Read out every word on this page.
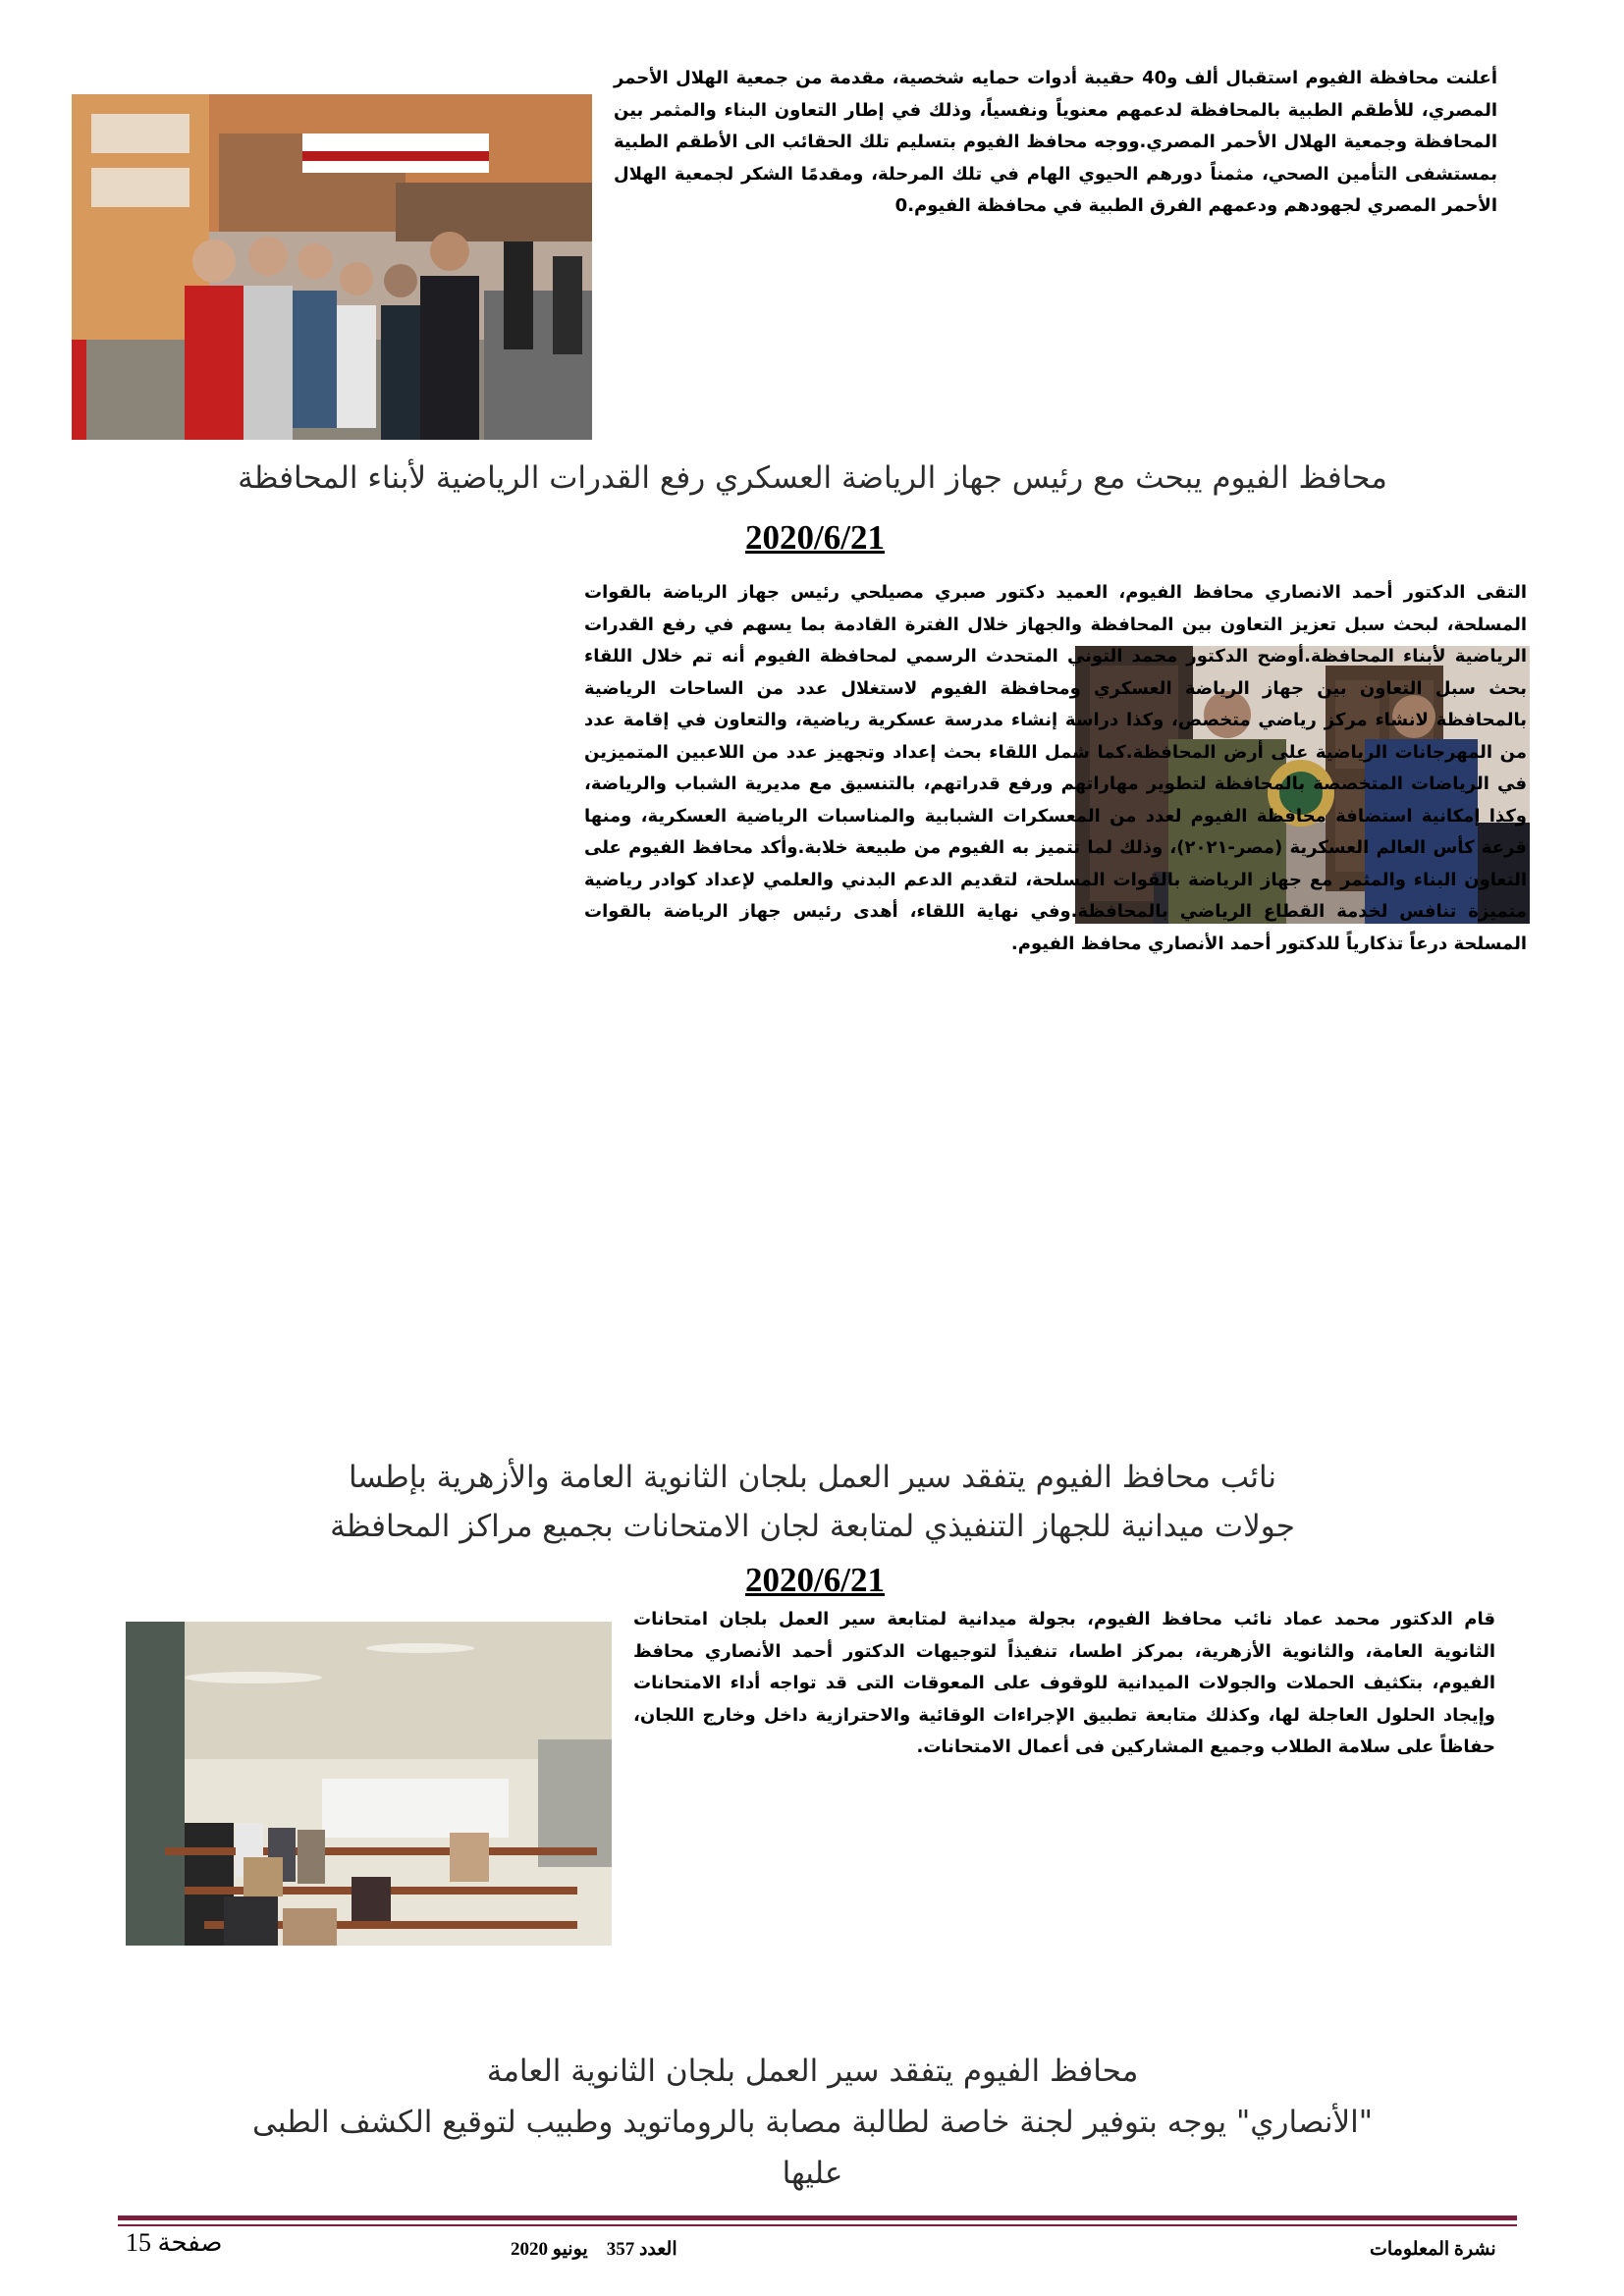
أعلنت محافظة الفيوم استقبال ألف و40 حقيبة أدوات حمايه شخصية، مقدمة من جمعية الهلال الأحمر المصري، للأطقم الطبية بالمحافظة لدعمهم معنوياً ونفسياً، وذلك في إطار التعاون البناء والمثمر بين المحافظة وجمعية الهلال الأحمر المصري.ووجه محافظ الفيوم بتسليم تلك الحقائب الى الأطقم الطبية بمستشفى التأمين الصحي، مثمناً دورهم الحيوي الهام في تلك المرحلة، ومقدمًا الشكر لجمعية الهلال الأحمر المصري لجهودهم ودعمهم الفرق الطبية في محافظة الفيوم.0

محافظ الفيوم يبحث مع رئيس جهاز الرياضة العسكري رفع القدرات الرياضية لأبناء المحافظة

2020/6/21

التقى الدكتور أحمد الانصاري محافظ الفيوم، العميد دكتور صبري مصيلحي رئيس جهاز الرياضة بالقوات المسلحة، لبحث سبل تعزيز التعاون بين المحافظة والجهاز خلال الفترة القادمة بما يسهم في رفع القدرات الرياضية لأبناء المحافظة.أوضح الدكتور محمد التوني المتحدث الرسمي لمحافظة الفيوم أنه تم خلال اللقاء بحث سبل التعاون بين جهاز الرياضة العسكري ومحافظة الفيوم لاستغلال عدد من الساحات الرياضية بالمحافظة لانشاء مركز رياضي متخصص، وكذا دراسة إنشاء مدرسة عسكرية رياضية، والتعاون في إقامة عدد من المهرجانات الرياضية على أرض المحافظة.كما شمل اللقاء بحث إعداد وتجهيز عدد من اللاعبين المتميزين في الرياضات المتخصصة بالمحافظة لتطوير مهاراتهم ورفع قدراتهم، بالتنسيق مع مديرية الشباب والرياضة، وكذا إمكانية استضافة محافظة الفيوم لعدد من المعسكرات الشبابية والمناسبات الرياضية العسكرية، ومنها قرعة كأس العالم العسكرية (مصر-٢٠٢١)، وذلك لما تتميز به الفيوم من طبيعة خلابة.وأكد محافظ الفيوم على التعاون البناء والمثمر مع جهاز الرياضة بالقوات المسلحة، لتقديم الدعم البدني والعلمي لإعداد كوادر رياضية متميزة تنافس لخدمة القطاع الرياضي بالمحافظة.وفي نهاية اللقاء، أهدى رئيس جهاز الرياضة بالقوات المسلحة درعاً تذكارياً للدكتور أحمد الأنصاري محافظ الفيوم.

نائب محافظ الفيوم يتفقد سير العمل بلجان الثانوية العامة والأزهرية بإطسا

جولات ميدانية للجهاز التنفيذي لمتابعة لجان الامتحانات بجميع مراكز المحافظة

2020/6/21

قام الدكتور محمد عماد نائب محافظ الفيوم، بجولة ميدانية لمتابعة سير العمل بلجان امتحانات الثانوية العامة، والثانوية الأزهرية، بمركز اطسا، تنفيذاً لتوجيهات الدكتور أحمد الأنصاري محافظ الفيوم، بتكثيف الحملات والجولات الميدانية للوقوف على المعوقات التى قد تواجه أداء الامتحانات وإيجاد الحلول العاجلة لها، وكذلك متابعة تطبيق الإجراءات الوقائية والاحترازية داخل وخارج اللجان، حفاظاً على سلامة الطلاب وجميع المشاركين فى أعمال الامتحانات.

محافظ الفيوم يتفقد سير العمل بلجان الثانوية العامة

"الأنصاري" يوجه بتوفير لجنة خاصة لطالبة مصابة بالروماتويد وطبيب لتوقيع الكشف الطبى

عليها

صفحة 15	العدد 357    يونيو 2020	نشرة المعلومات
